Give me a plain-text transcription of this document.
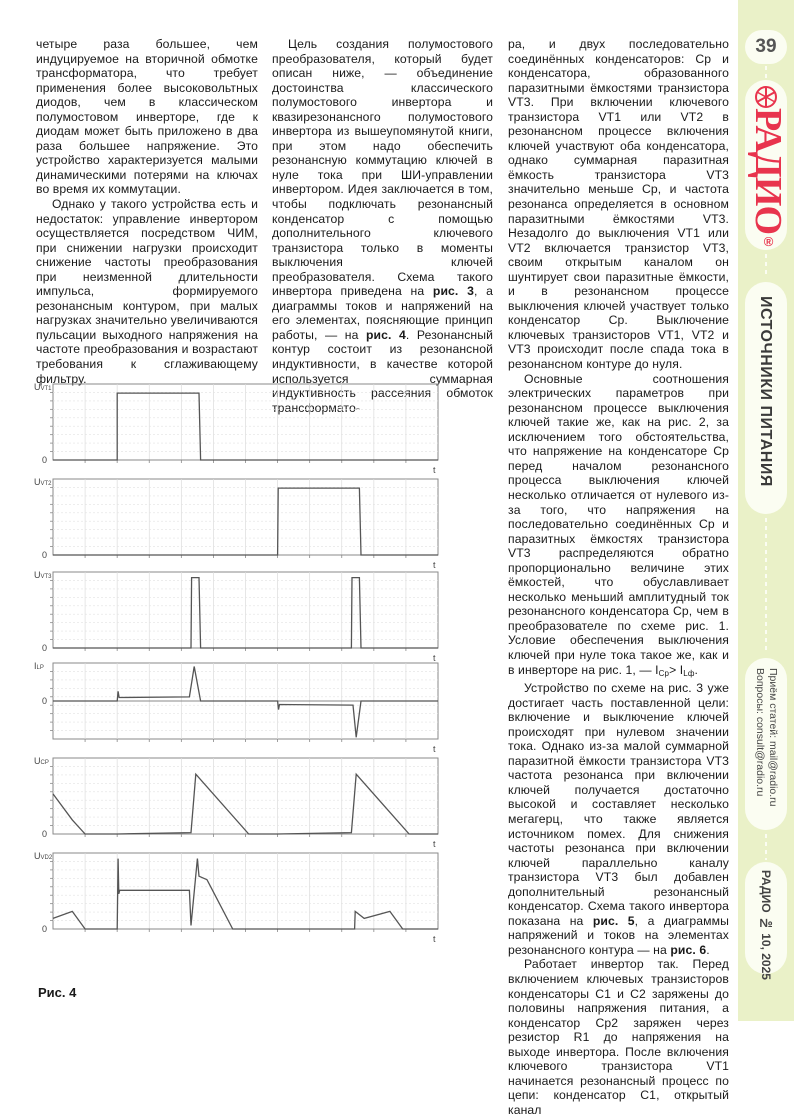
четыре раза большее, чем индуцируемое на вторичной обмотке трансформатора, что требует применения более высоковольтных диодов, чем в классическом полумостовом инверторе, где к диодам может быть приложено в два раза большее напряжение. Это устройство характеризуется малыми динамическими потерями на ключах во время их коммутации.

Однако у такого устройства есть и недостаток: управление инвертором осуществляется посредством ЧИМ, при снижении нагрузки происходит снижение частоты преобразования при неизменной длительности импульса, формируемого резонансным контуром, при малых нагрузках значительно увеличиваются пульсации выходного напряжения на частоте преобразования и возрастают требования к сглаживающему фильтру.

Цель создания полумостового преобразователя, который будет описан ниже, — объединение достоинства классического полумостового инвертора и квазирезонансного полумостового инвертора из вышеупомянутой книги, при этом надо обеспечить резонансную коммутацию ключей в нуле тока при ШИ-управлении инвертором. Идея заключается в том, чтобы подключать резонансный конденсатор с помощью дополнительного ключевого транзистора только в моменты выключения ключей преобразователя. Схема такого инвертора приведена на рис. 3, а диаграммы токов и напряжений на его элементах, поясняющие принцип работы, — на рис. 4. Резонансный контур состоит из резонансной индуктивности, в качестве которой используется суммарная индуктивность рассеяния обмоток трансформато-

ра, и двух последовательно соединённых конденсаторов: Ср и конденсатора, образованного паразитными ёмкостями транзистора VT3. При включении ключевого транзистора VT1 или VT2 в резонансном процессе включения ключей участвуют оба конденсатора, однако суммарная паразитная ёмкость транзистора VT3 значительно меньше Ср, и частота резонанса определяется в основном паразитными ёмкостями VT3. Незадолго до выключения VT1 или VT2 включается транзистор VT3, своим открытым каналом он шунтирует свои паразитные ёмкости, и в резонансном процессе выключения ключей участвует только конденсатор Ср. Выключение ключевых транзисторов VT1, VT2 и VT3 происходит после спада тока в резонансном контуре до нуля.

Основные соотношения электрических параметров при резонансном процессе выключения ключей такие же, как на рис. 2, за исключением того обстоятельства, что напряжение на конденсаторе Ср перед началом резонансного процесса выключения ключей несколько отличается от нулевого из-за того, что напряжения на последовательно соединённых Ср и паразитных ёмкостях транзистора VT3 распределяются обратно пропорционально величине этих ёмкостей, что обуславливает несколько меньший амплитудный ток резонансного конденсатора Ср, чем в преобразователе по схеме рис. 1. Условие обеспечения выключения ключей при нуле тока такое же, как и в инверторе на рис. 1, — $I_{Ср}> I_{Lф}$.

Устройство по схеме на рис. 3 уже достигает часть поставленной цели: включение и выключение ключей происходят при нулевом значении тока. Однако из-за малой суммарной паразитной ёмкости транзистора VT3 частота резонанса при включении ключей получается достаточно высокой и составляет несколько мегагерц, что также является источником помех. Для снижения частоты резонанса при включении ключей параллельно каналу транзистора VT3 был добавлен дополнительный резонансный конденсатор. Схема такого инвертора показана на рис. 5, а диаграммы напряжений и токов на элементах резонансного контура — на рис. 6.

Работает инвертор так. Перед включением ключевых транзисторов конденсаторы С1 и С2 заряжены до половины напряжения питания, а конденсатор Ср2 заряжен через резистор R1 до напряжения на выходе инвертора. После включения ключевого транзистора VT1 начинается резонансный процесс по цепи: конденсатор С1, открытый канал

UVT1
0
t
UVT2
0
t
UVT3
0
t
ILР
0
t
UCP
0
t
UVD2
0
t
Рис. 4
39
РАДИО®
ИСТОЧНИКИ ПИТАНИЯ
Приём статей: mail@radio.ru
Вопросы: consult@radio.ru
РАДИО № 10, 2025
